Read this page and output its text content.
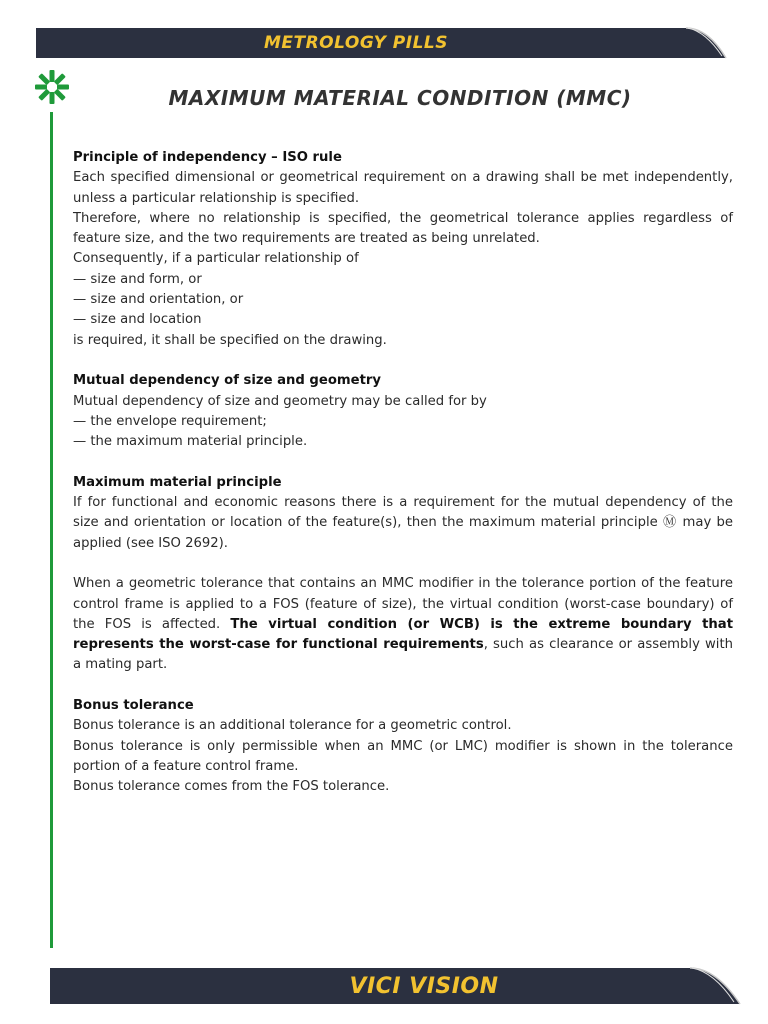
METROLOGY PILLS
MAXIMUM MATERIAL CONDITION (MMC)

Principle of independency – ISO rule

Each specified dimensional or geometrical requirement on a drawing shall be met independently, unless a particular relationship is specified.

Therefore, where no relationship is specified, the geometrical tolerance applies regardless of feature size, and the two requirements are treated as being unrelated.

Consequently, if a particular relationship of

— size and form, or

— size and orientation, or

— size and location

is required, it shall be specified on the drawing.

Mutual dependency of size and geometry

Mutual dependency of size and geometry may be called for by

— the envelope requirement;

— the maximum material principle.

Maximum material principle

If for functional and economic reasons there is a requirement for the mutual dependency of the size and orientation or location of the feature(s), then the maximum material principle Ⓜ may be applied (see ISO 2692).

When a geometric tolerance that contains an MMC modifier in the tolerance portion of the feature control frame is applied to a FOS (feature of size), the virtual condition (worst-case boundary) of the FOS is affected. The virtual condition (or WCB) is the extreme boundary that represents the worst-case for functional requirements, such as clearance or assembly with a mating part.

Bonus tolerance

Bonus tolerance is an additional tolerance for a geometric control.

Bonus tolerance is only permissible when an MMC (or LMC) modifier is shown in the tolerance portion of a feature control frame.

Bonus tolerance comes from the FOS tolerance.

VICI VISION
